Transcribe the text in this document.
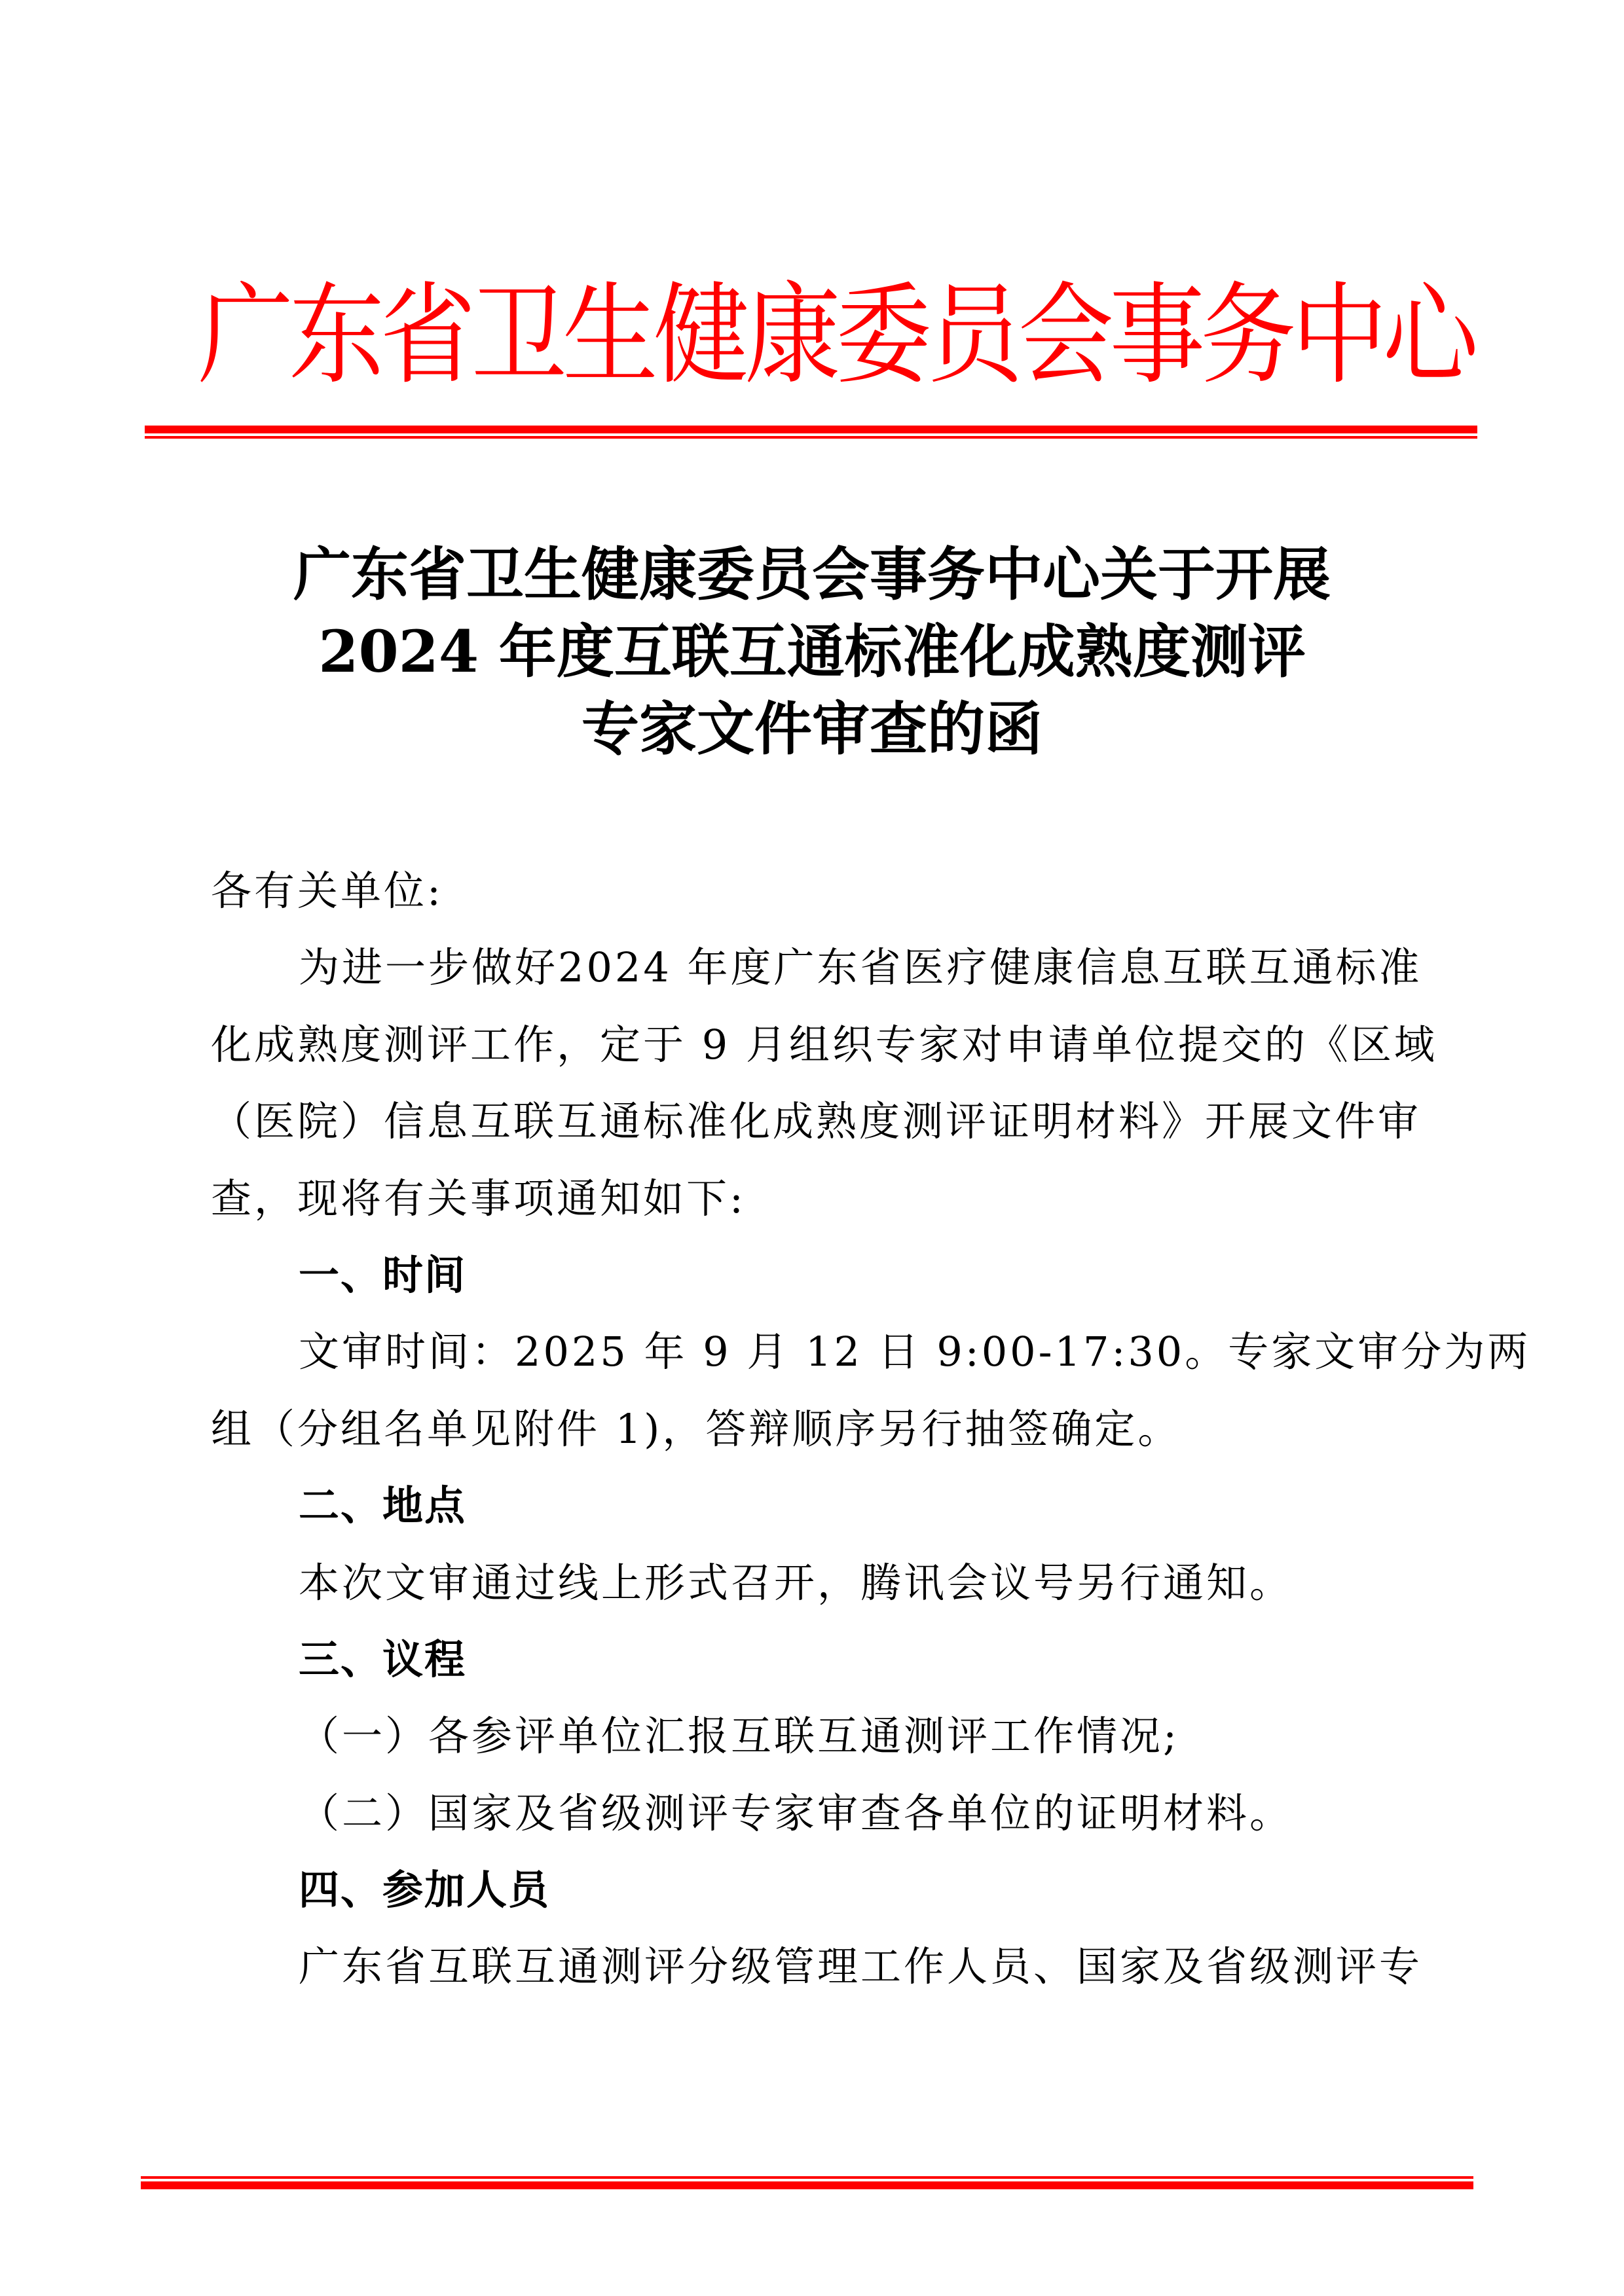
广东省卫生健康委员会事务中心
广东省卫生健康委员会事务中心关于开展
2024 年度互联互通标准化成熟度测评
专家文件审查的函
各有关单位:
为进一步做好2024 年度广东省医疗健康信息互联互通标准
化成熟度测评工作，定于 9 月组织专家对申请单位提交的《区域
（医院）信息互联互通标准化成熟度测评证明材料》开展文件审
查，现将有关事项通知如下:
一、时间
文审时间：2025 年 9 月 12 日 9:00-17:30。专家文审分为两
组（分组名单见附件 1)，答辩顺序另行抽签确定。
二、地点
本次文审通过线上形式召开，腾讯会议号另行通知。
三、议程
（一）各参评单位汇报互联互通测评工作情况;
（二）国家及省级测评专家审查各单位的证明材料。
四、参加人员
广东省互联互通测评分级管理工作人员、国家及省级测评专
